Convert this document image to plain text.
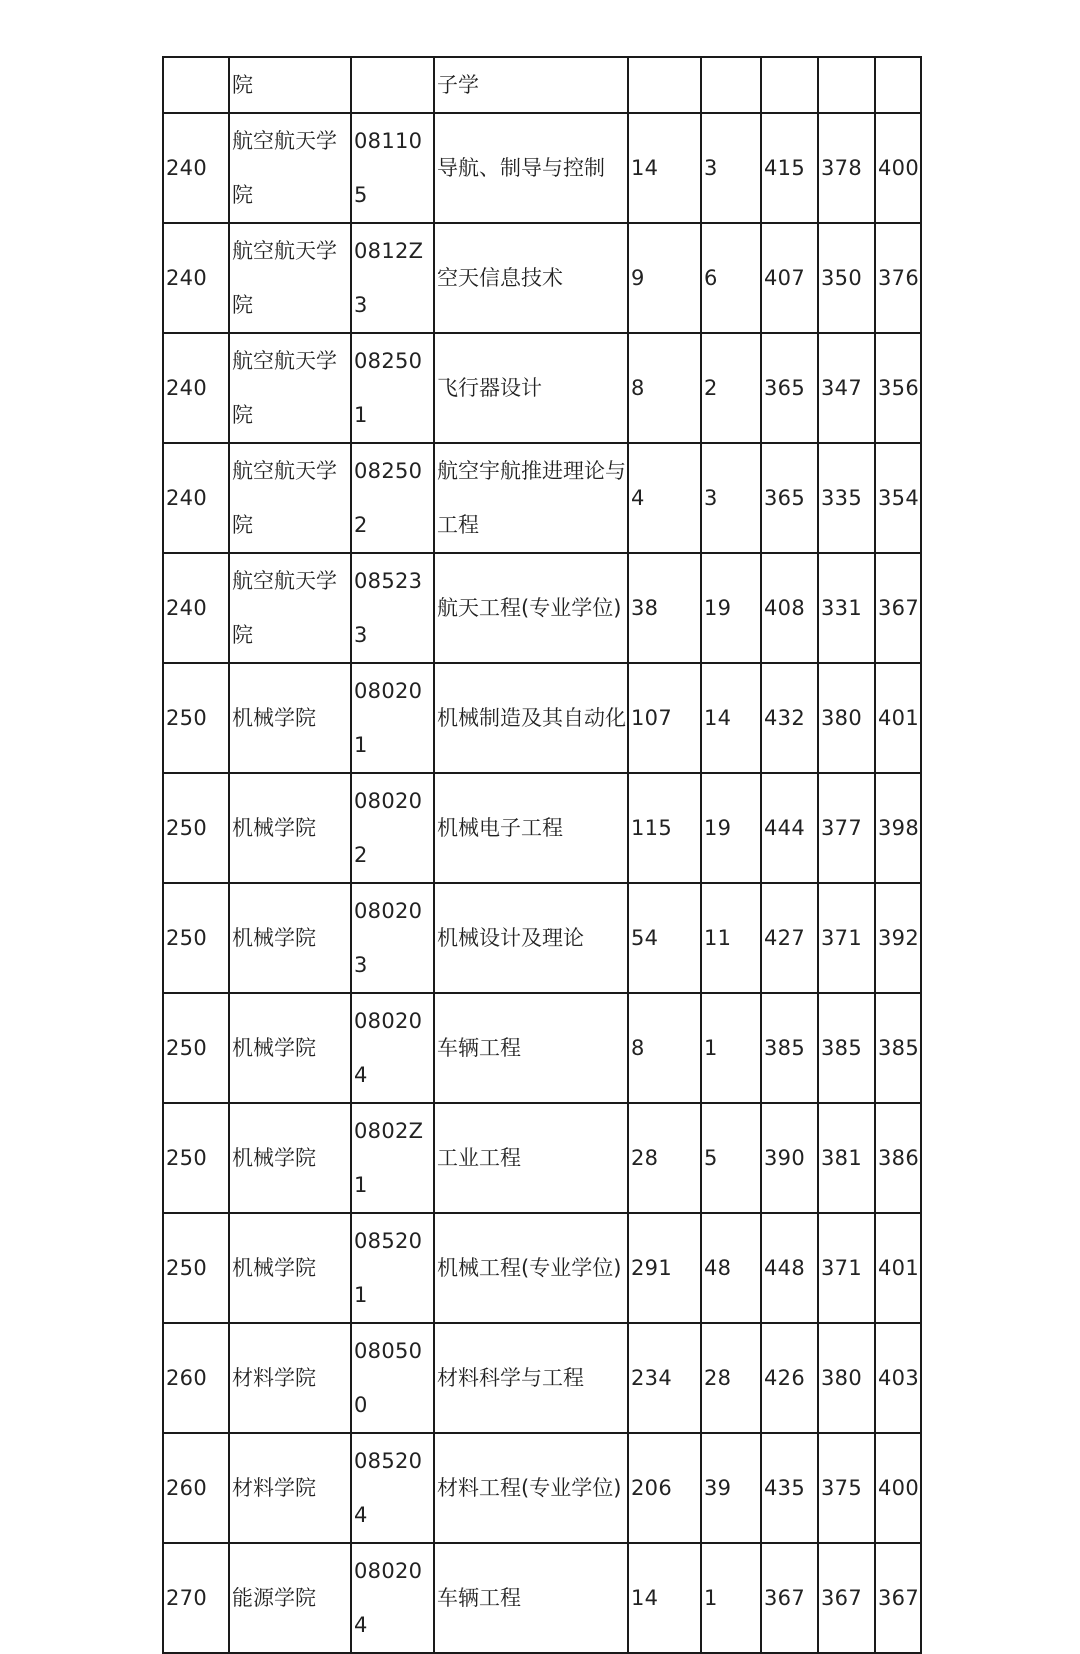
	院		子学					
240	航空航天学院	081105	导航、制导与控制	14	3	415	378	400
240	航空航天学院	0812Z3	空天信息技术	9	6	407	350	376
240	航空航天学院	082501	飞行器设计	8	2	365	347	356
240	航空航天学院	082502	航空宇航推进理论与工程	4	3	365	335	354
240	航空航天学院	085233	航天工程(专业学位)	38	19	408	331	367
250	机械学院	080201	机械制造及其自动化	107	14	432	380	401
250	机械学院	080202	机械电子工程	115	19	444	377	398
250	机械学院	080203	机械设计及理论	54	11	427	371	392
250	机械学院	080204	车辆工程	8	1	385	385	385
250	机械学院	0802Z1	工业工程	28	5	390	381	386
250	机械学院	085201	机械工程(专业学位)	291	48	448	371	401
260	材料学院	080500	材料科学与工程	234	28	426	380	403
260	材料学院	085204	材料工程(专业学位)	206	39	435	375	400
270	能源学院	080204	车辆工程	14	1	367	367	367
